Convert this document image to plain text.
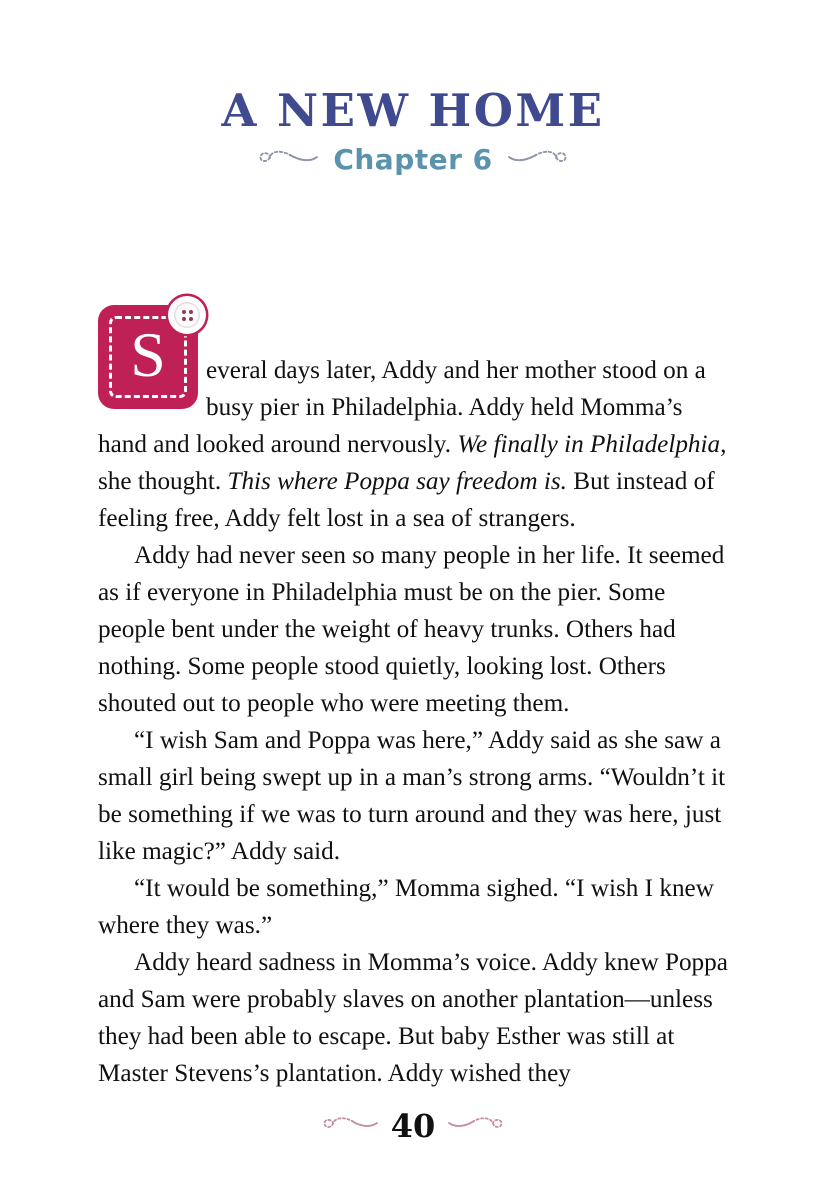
A NEW HOME
Chapter 6

S	everal days later, Addy and her mother stood on a busy pier in Philadelphia. Addy held Momma’s hand and looked around nervously. We finally in Philadelphia, she thought. This where Poppa say freedom is. But instead of feeling free, Addy felt lost in a sea of strangers.

Addy had never seen so many people in her life. It seemed as if everyone in Philadelphia must be on the pier. Some people bent under the weight of heavy trunks. Others had nothing. Some people stood quietly, looking lost. Others shouted out to people who were meeting them.

“I wish Sam and Poppa was here,” Addy said as she saw a small girl being swept up in a man’s strong arms. “Wouldn’t it be something if we was to turn around and they was here, just like magic?” Addy said.

“It would be something,” Momma sighed. “I wish I knew where they was.”

Addy heard sadness in Momma’s voice. Addy knew Poppa and Sam were probably slaves on another plantation—unless they had been able to escape. But baby Esther was still at Master Stevens’s plantation. Addy wished they

40
